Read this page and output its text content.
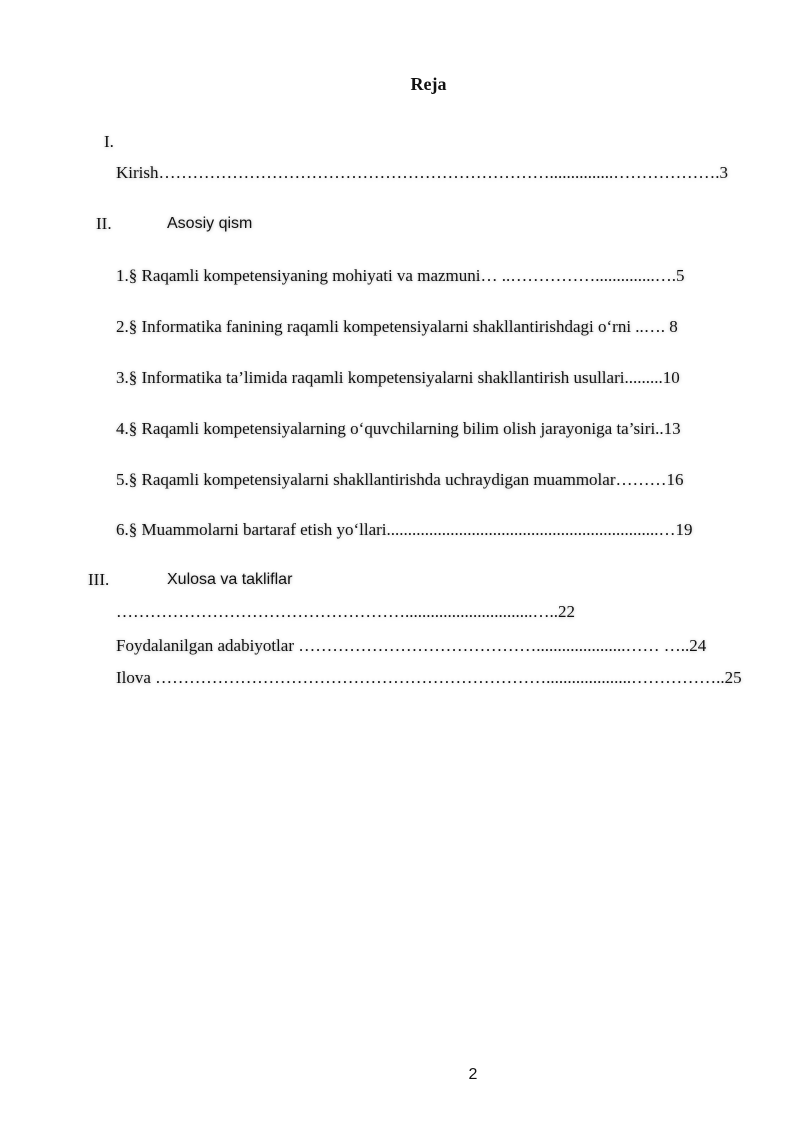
Reja
I.
Kirish……………………………………………………………...............……………….3
II.	Asosiy qism
1.§ Raqamli kompetensiyaning mohiyati va mazmuni… ..……………..............….5
2.§ Informatika fanining raqamli kompetensiyalarni shakllantirishdagi o‘rni ..…. 8
3.§ Informatika ta’limida raqamli kompetensiyalarni shakllantirish usullari.........10
4.§ Raqamli kompetensiyalarning o‘quvchilarning bilim olish jarayoniga ta’siri..13
5.§ Raqamli kompetensiyalarni shakllantirishda uchraydigan muammolar………16
6.§ Muammolarni bartaraf etish yo‘llari................................................................…19
III.	Xulosa va takliflar
……………………………………………..............................…..22
Foydalanilgan adabiyotlar …………………………………….....................…… …..24
Ilova ……………………………………………………………....................……………..25
2
